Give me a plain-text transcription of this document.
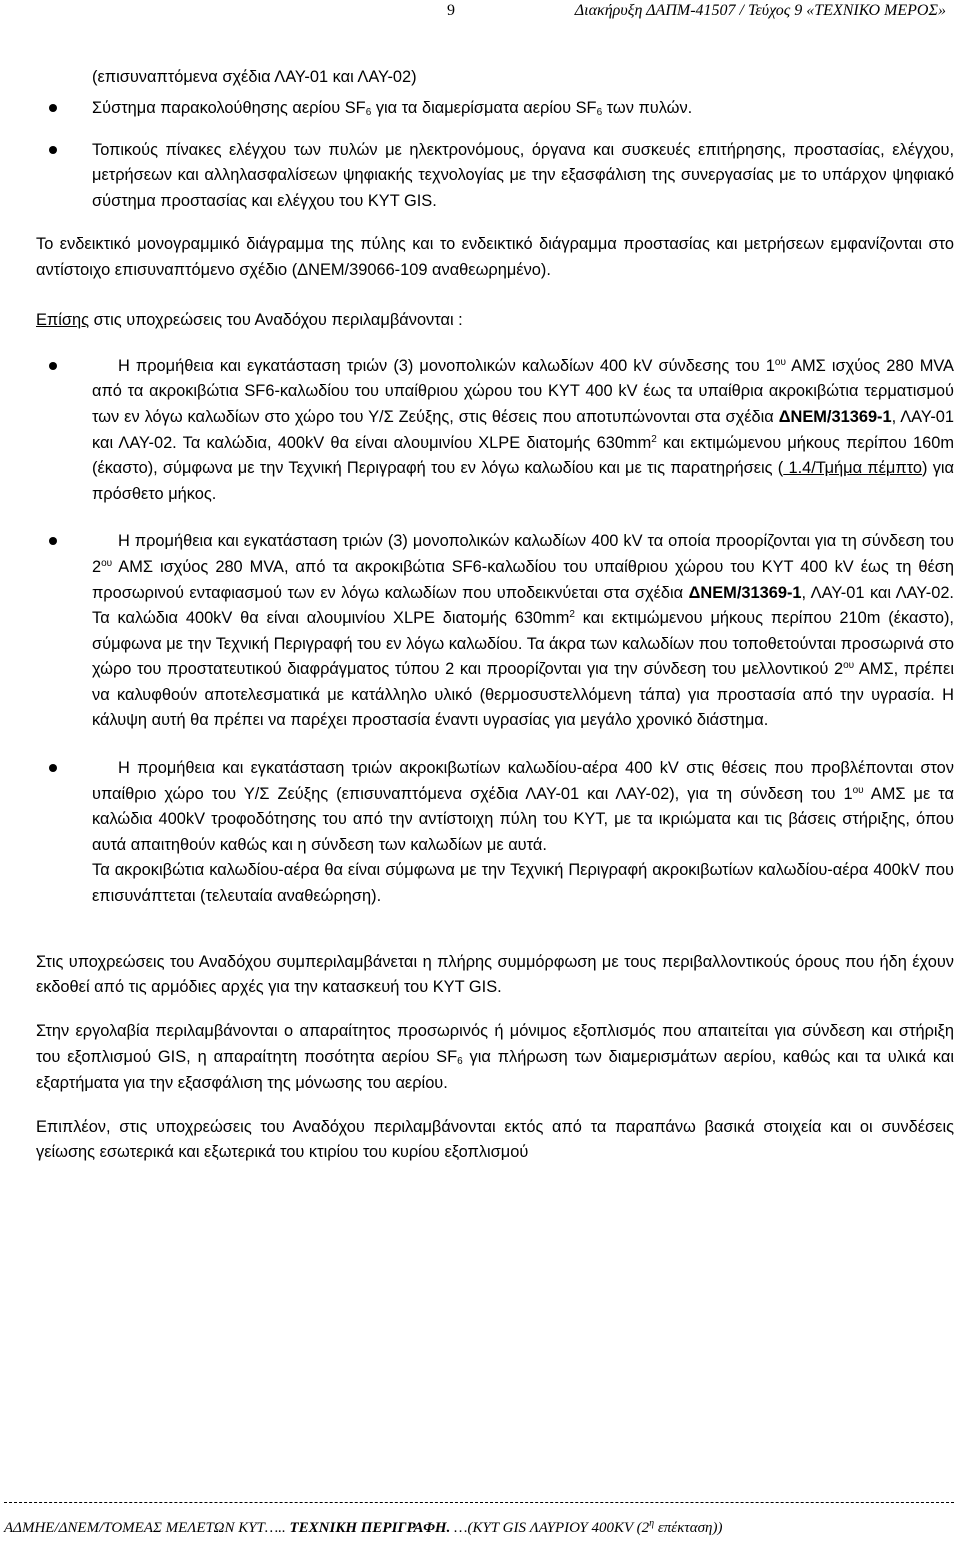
9	Διακήρυξη ΔΑΠΜ-41507 / Τεύχος 9 «ΤΕΧΝΙΚΟ ΜΕΡΟΣ»
(επισυναπτόμενα σχέδια ΛΑΥ-01 και ΛΑΥ-02)
Σύστημα παρακολούθησης αερίου $SF_6$ για τα διαμερίσματα αερίου $SF_6$ των πυλών.
Τοπικούς πίνακες ελέγχου των πυλών με ηλεκτρονόμους, όργανα και συσκευές επιτήρησης, προστασίας, ελέγχου, μετρήσεων και αλληλασφαλίσεων ψηφιακής τεχνολογίας με την εξασφάλιση της συνεργασίας με το υπάρχον ψηφιακό σύστημα προστασίας και ελέγχου του ΚΥΤ GIS.
Το ενδεικτικό μονογραμμικό διάγραμμα της πύλης και το ενδεικτικό διάγραμμα προστασίας και μετρήσεων εμφανίζονται στο αντίστοιχο επισυναπτόμενο σχέδιο (ΔΝΕΜ/39066-109 αναθεωρημένο).
Επίσης στις υποχρεώσεις του Αναδόχου περιλαμβάνονται :
Η προμήθεια και εγκατάσταση τριών (3) μονοπολικών καλωδίων 400 kV σύνδεσης του $1^{o\upsilon}$ ΑΜΣ ισχύος 280 MVA από τα ακροκιβώτια SF6-καλωδίου του υπαίθριου χώρου του ΚΥΤ 400 kV έως τα υπαίθρια ακροκιβώτια τερματισμού των εν λόγω καλωδίων στο χώρο του Υ/Σ Ζεύξης, στις θέσεις που αποτυπώνονται στα σχέδια ΔΝΕΜ/31369-1, ΛΑΥ-01 και ΛΑΥ-02. Τα καλώδια, 400kV θα είναι αλουμινίου XLPE διατομής $630mm^2$ και εκτιμώμενου μήκους περίπου 160m (έκαστο), σύμφωνα με την Τεχνική Περιγραφή του εν λόγω καλωδίου και με τις παρατηρήσεις ( 1.4/Τμήμα πέμπτο) για πρόσθετο μήκος.
Η προμήθεια και εγκατάσταση τριών (3) μονοπολικών καλωδίων 400 kV τα οποία προορίζονται για τη σύνδεση του $2^{o\upsilon}$ ΑΜΣ ισχύος 280 MVA, από τα ακροκιβώτια SF6-καλωδίου του υπαίθριου χώρου του ΚΥΤ 400 kV έως τη θέση προσωρινού ενταφιασμού των εν λόγω καλωδίων που υποδεικνύεται στα σχέδια ΔΝΕΜ/31369-1, ΛΑΥ-01 και ΛΑΥ-02. Τα καλώδια 400kV θα είναι αλουμινίου XLPE διατομής $630mm^2$ και εκτιμώμενου μήκους περίπου 210m (έκαστο), σύμφωνα με την Τεχνική Περιγραφή του εν λόγω καλωδίου. Τα άκρα των καλωδίων που τοποθετούνται προσωρινά στο χώρο του προστατευτικού διαφράγματος τύπου 2 και προορίζονται για την σύνδεση του μελλοντικού $2^{o\upsilon}$ ΑΜΣ, πρέπει να καλυφθούν αποτελεσματικά με κατάλληλο υλικό (θερμοσυστελλόμενη τάπα) για προστασία από την υγρασία. Η κάλυψη αυτή θα πρέπει να παρέχει προστασία έναντι υγρασίας για μεγάλο χρονικό διάστημα.
Η προμήθεια και εγκατάσταση τριών ακροκιβωτίων καλωδίου-αέρα 400 kV στις θέσεις που προβλέπονται στον υπαίθριο χώρο του Υ/Σ Ζεύξης (επισυναπτόμενα σχέδια ΛΑΥ-01 και ΛΑΥ-02), για τη σύνδεση του $1^{o\upsilon}$ ΑΜΣ με τα καλώδια 400kV τροφοδότησης του από την αντίστοιχη πύλη του ΚΥΤ, με τα ικριώματα και τις βάσεις στήριξης, όπου αυτά απαιτηθούν καθώς και η σύνδεση των καλωδίων με αυτά.
Τα ακροκιβώτια καλωδίου-αέρα θα είναι σύμφωνα με την Τεχνική Περιγραφή ακροκιβωτίων καλωδίου-αέρα 400kV που επισυνάπτεται (τελευταία αναθεώρηση).
Στις υποχρεώσεις του Αναδόχου συμπεριλαμβάνεται η πλήρης συμμόρφωση με τους περιβαλλοντικούς όρους που ήδη έχουν εκδοθεί από τις αρμόδιες αρχές για την κατασκευή του ΚΥΤ GIS.
Στην εργολαβία περιλαμβάνονται ο απαραίτητος προσωρινός ή μόνιμος εξοπλισμός που απαιτείται για σύνδεση και στήριξη του εξοπλισμού GIS, η απαραίτητη ποσότητα αερίου $SF_6$ για πλήρωση των διαμερισμάτων αερίου, καθώς και τα υλικά και εξαρτήματα για την εξασφάλιση της μόνωσης του αερίου.
Επιπλέον, στις υποχρεώσεις του Αναδόχου περιλαμβάνονται εκτός από τα παραπάνω βασικά στοιχεία και οι συνδέσεις γείωσης εσωτερικά και εξωτερικά του κτιρίου του κυρίου εξοπλισμού
ΑΔΜΗΕ/ΔΝΕΜ/ΤΟΜΕΑΣ ΜΕΛΕΤΩΝ ΚΥΤ….. ΤΕΧΝΙΚΗ ΠΕΡΙΓΡΑΦΗ. …(ΚΥΤ GIS ΛΑΥΡΙΟΥ 400KV ($2^\eta$ επέκταση))
